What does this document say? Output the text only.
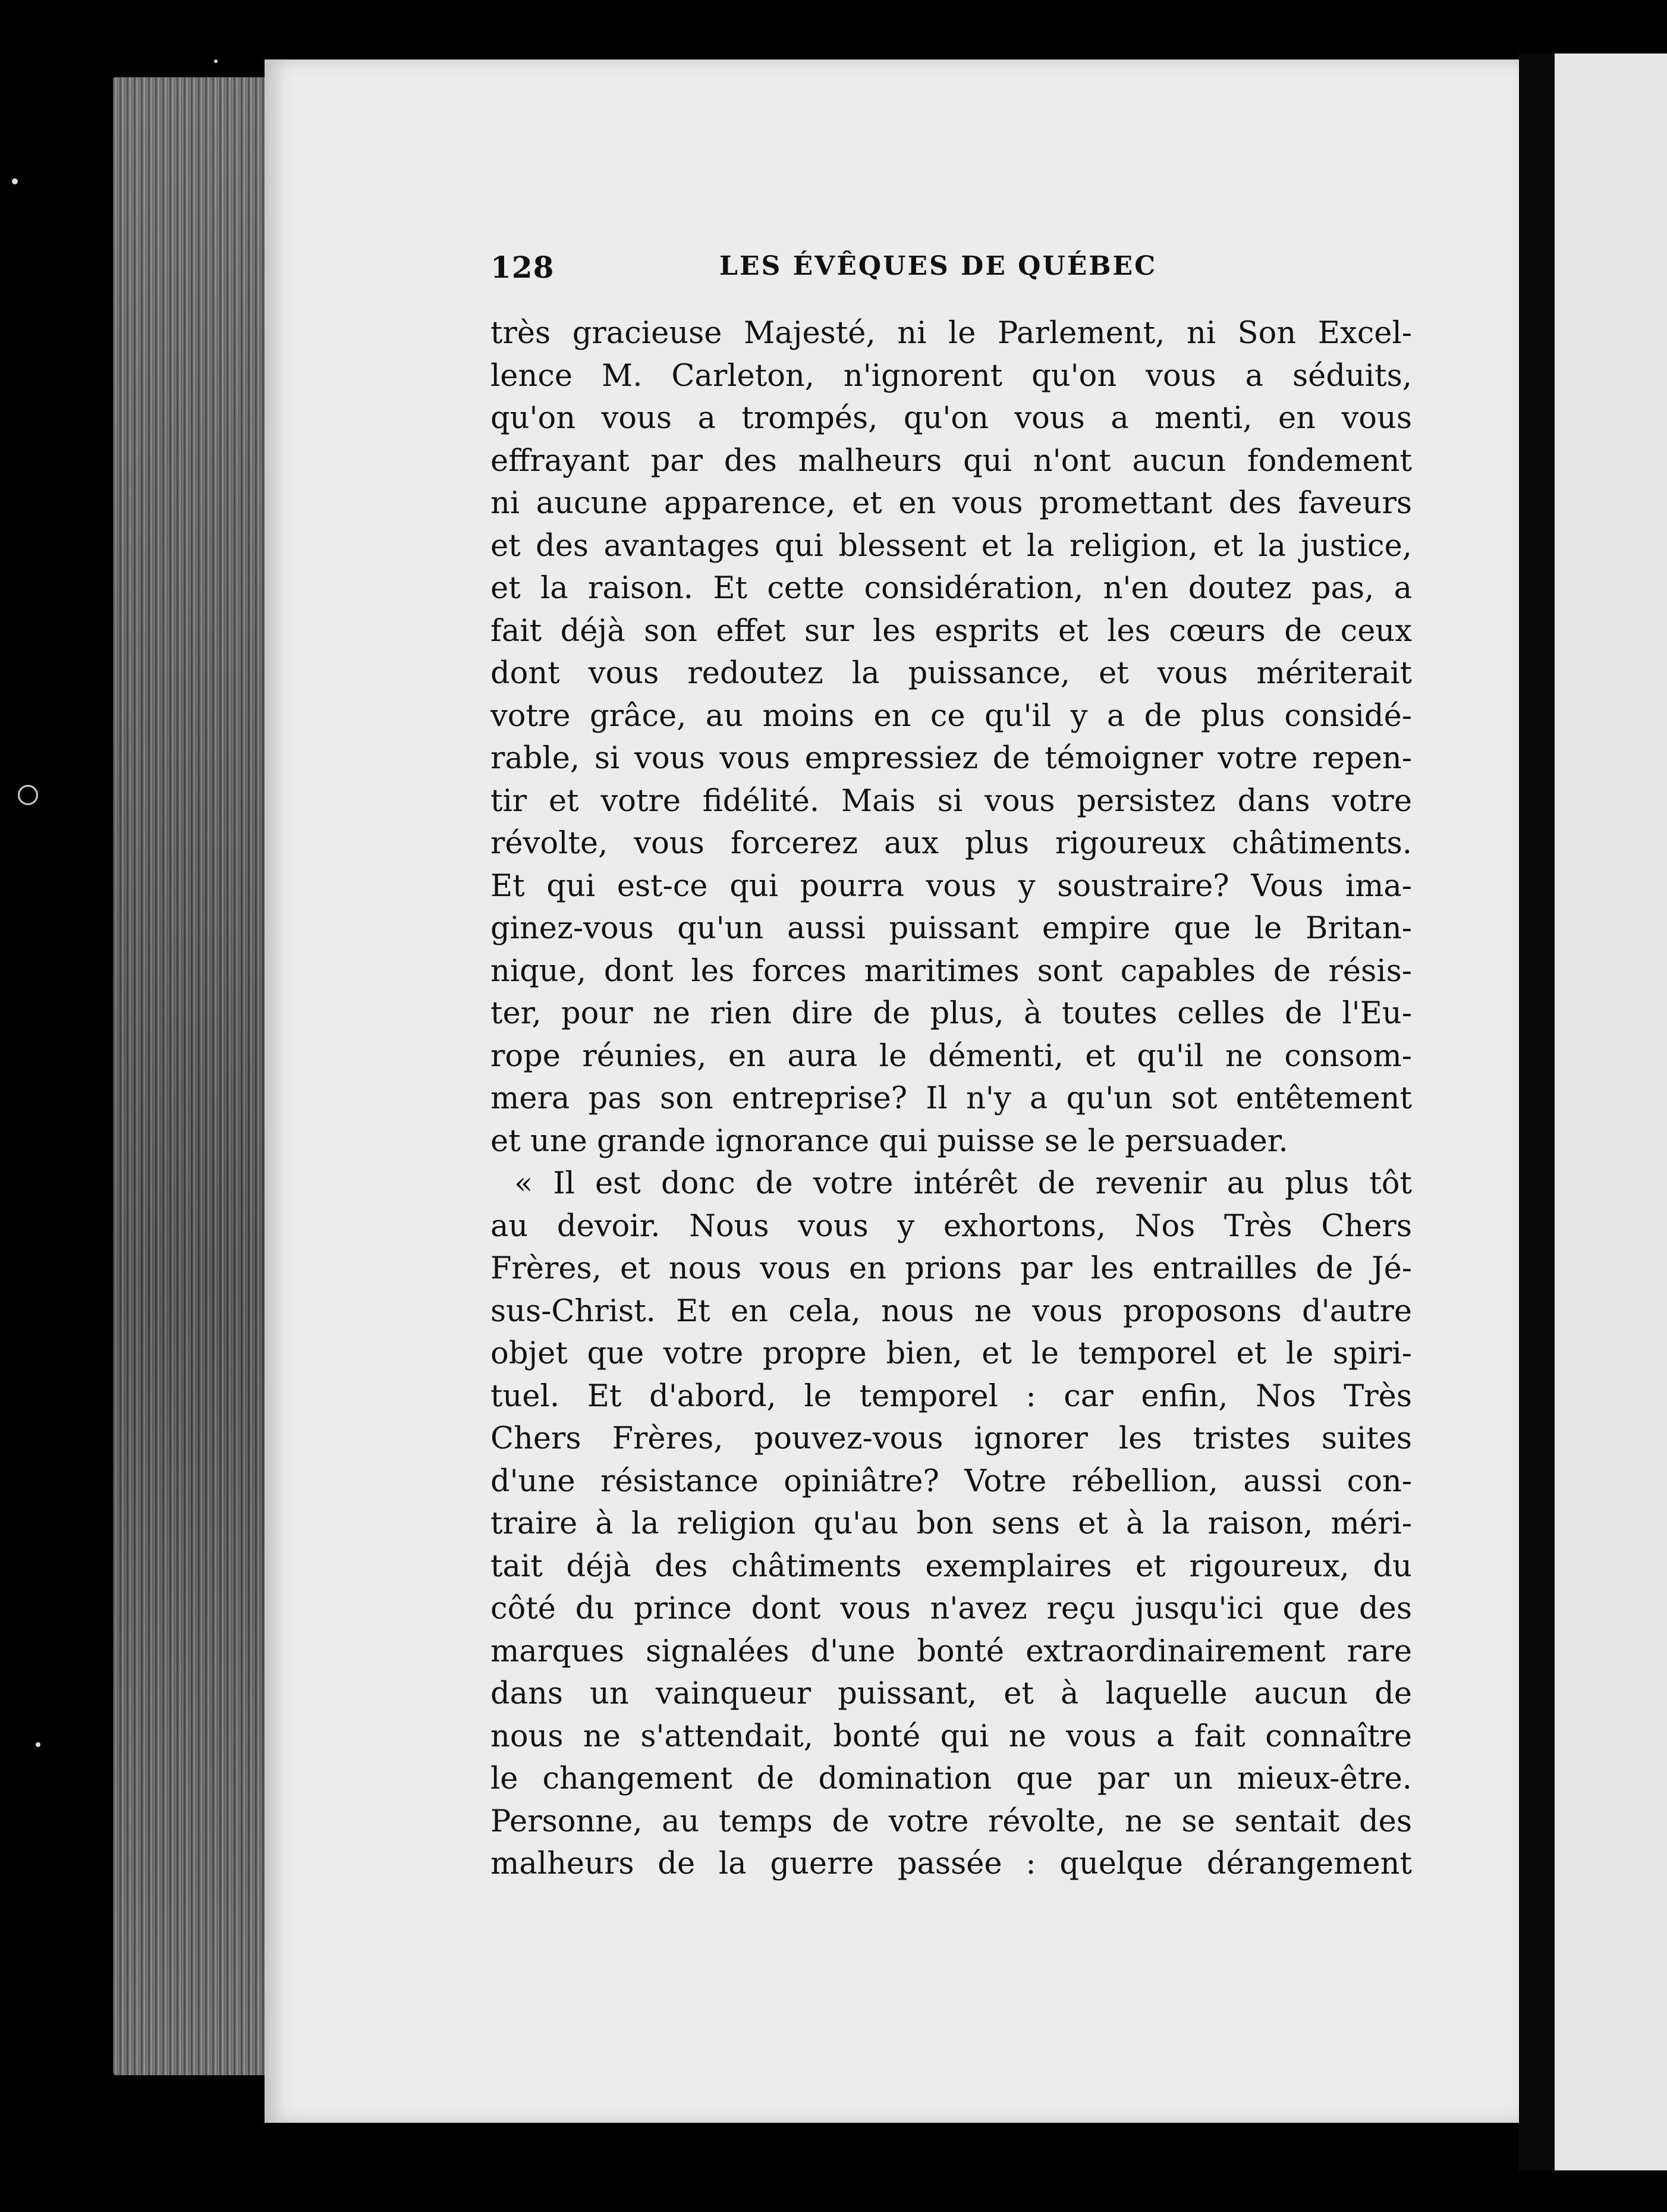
128	LES ÉVÊQUES DE QUÉBEC
très gracieuse Majesté, ni le Parlement, ni Son Excel-
lence M. Carleton, n'ignorent qu'on vous a séduits,
qu'on vous a trompés, qu'on vous a menti, en vous
effrayant par des malheurs qui n'ont aucun fondement
ni aucune apparence, et en vous promettant des faveurs
et des avantages qui blessent et la religion, et la justice,
et la raison. Et cette considération, n'en doutez pas, a
fait déjà son effet sur les esprits et les cœurs de ceux
dont vous redoutez la puissance, et vous mériterait
votre grâce, au moins en ce qu'il y a de plus considé-
rable, si vous vous empressiez de témoigner votre repen-
tir et votre fidélité. Mais si vous persistez dans votre
révolte, vous forcerez aux plus rigoureux châtiments.
Et qui est-ce qui pourra vous y soustraire? Vous ima-
ginez-vous qu'un aussi puissant empire que le Britan-
nique, dont les forces maritimes sont capables de résis-
ter, pour ne rien dire de plus, à toutes celles de l'Eu-
rope réunies, en aura le démenti, et qu'il ne consom-
mera pas son entreprise? Il n'y a qu'un sot entêtement
et une grande ignorance qui puisse se le persuader.
« Il est donc de votre intérêt de revenir au plus tôt
au devoir. Nous vous y exhortons, Nos Très Chers
Frères, et nous vous en prions par les entrailles de Jé-
sus-Christ. Et en cela, nous ne vous proposons d'autre
objet que votre propre bien, et le temporel et le spiri-
tuel. Et d'abord, le temporel : car enfin, Nos Très
Chers Frères, pouvez-vous ignorer les tristes suites
d'une résistance opiniâtre? Votre rébellion, aussi con-
traire à la religion qu'au bon sens et à la raison, méri-
tait déjà des châtiments exemplaires et rigoureux, du
côté du prince dont vous n'avez reçu jusqu'ici que des
marques signalées d'une bonté extraordinairement rare
dans un vainqueur puissant, et à laquelle aucun de
nous ne s'attendait, bonté qui ne vous a fait connaître
le changement de domination que par un mieux-être.
Personne, au temps de votre révolte, ne se sentait des
malheurs de la guerre passée : quelque dérangement
